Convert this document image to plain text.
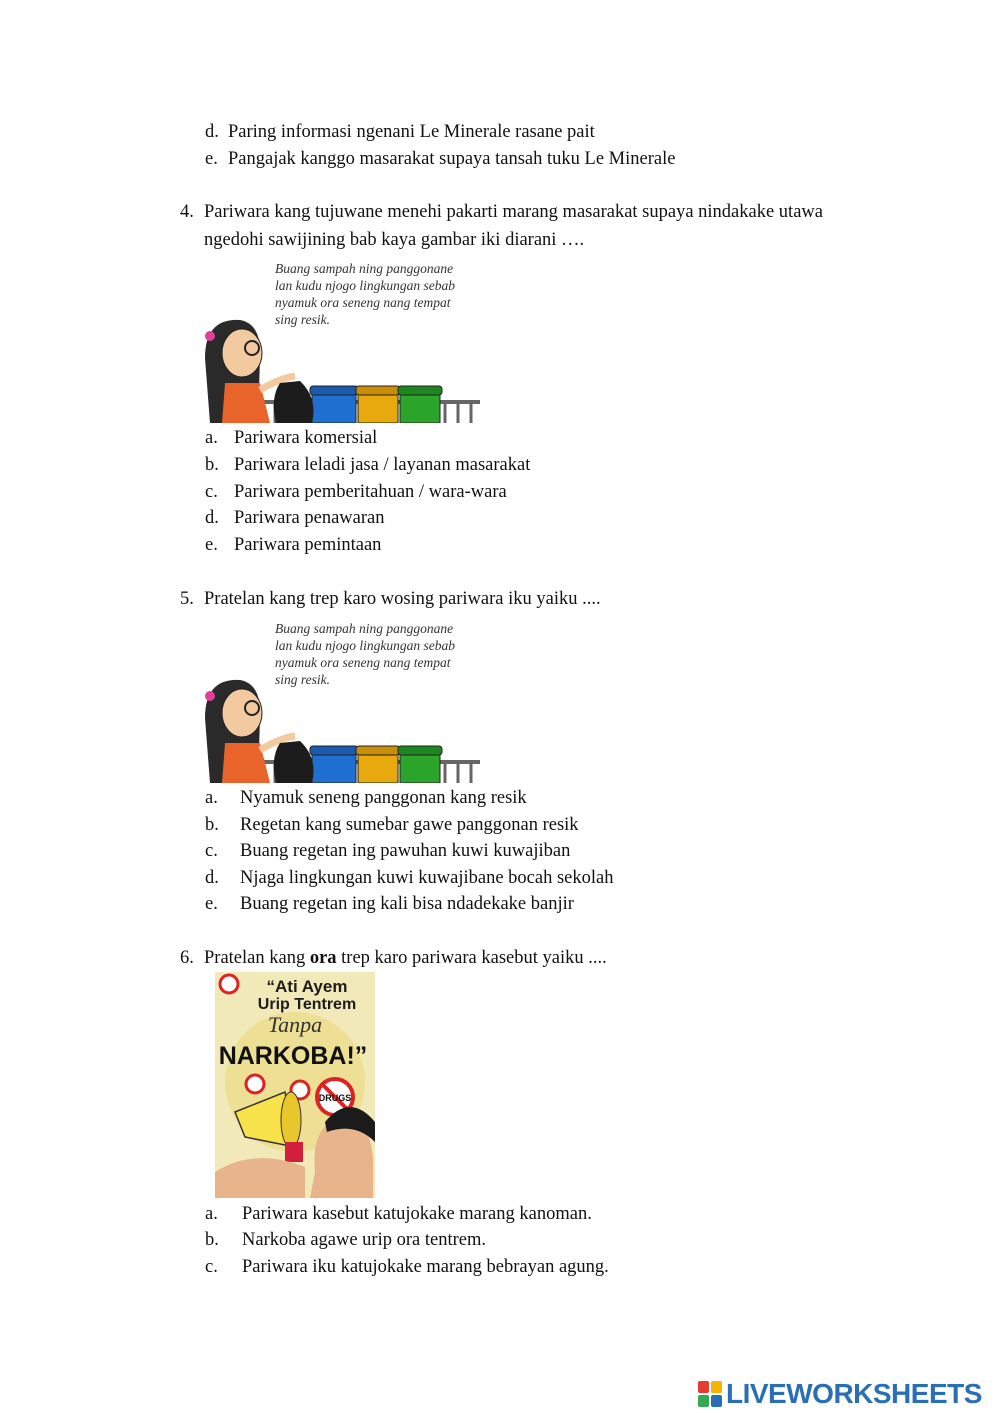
d. Paring informasi ngenani Le Minerale rasane pait
e. Pangajak kanggo masarakat supaya tansah tuku Le Minerale
4. Pariwara kang tujuwane menehi pakarti marang masarakat supaya nindakake utawa
ngedohi sawijining bab kaya gambar iki diarani ….
Buang sampah ning panggonane
lan kudu njogo lingkungan sebab
nyamuk ora seneng nang tempat
sing resik.
a. Pariwara komersial
b. Pariwara leladi jasa / layanan masarakat
c. Pariwara pemberitahuan / wara-wara
d. Pariwara penawaran
e. Pariwara pemintaan
5. Pratelan kang trep karo wosing pariwara iku yaiku ....
Buang sampah ning panggonane
lan kudu njogo lingkungan sebab
nyamuk ora seneng nang tempat
sing resik.
a. Nyamuk seneng panggonan kang resik
b. Regetan kang sumebar gawe panggonan resik
c. Buang regetan ing pawuhan kuwi kuwajiban
d. Njaga lingkungan kuwi kuwajibane bocah sekolah
e. Buang regetan ing kali bisa ndadekake banjir
6. Pratelan kang ora trep karo pariwara kasebut yaiku ....
“Ati Ayem
Urip Tentrem
Tanpa
NARKOBA!”
DRUGS
a. Pariwara kasebut katujokake marang kanoman.
b. Narkoba agawe urip ora tentrem.
c. Pariwara iku katujokake marang bebrayan agung.
LIVEWORKSHEETS
